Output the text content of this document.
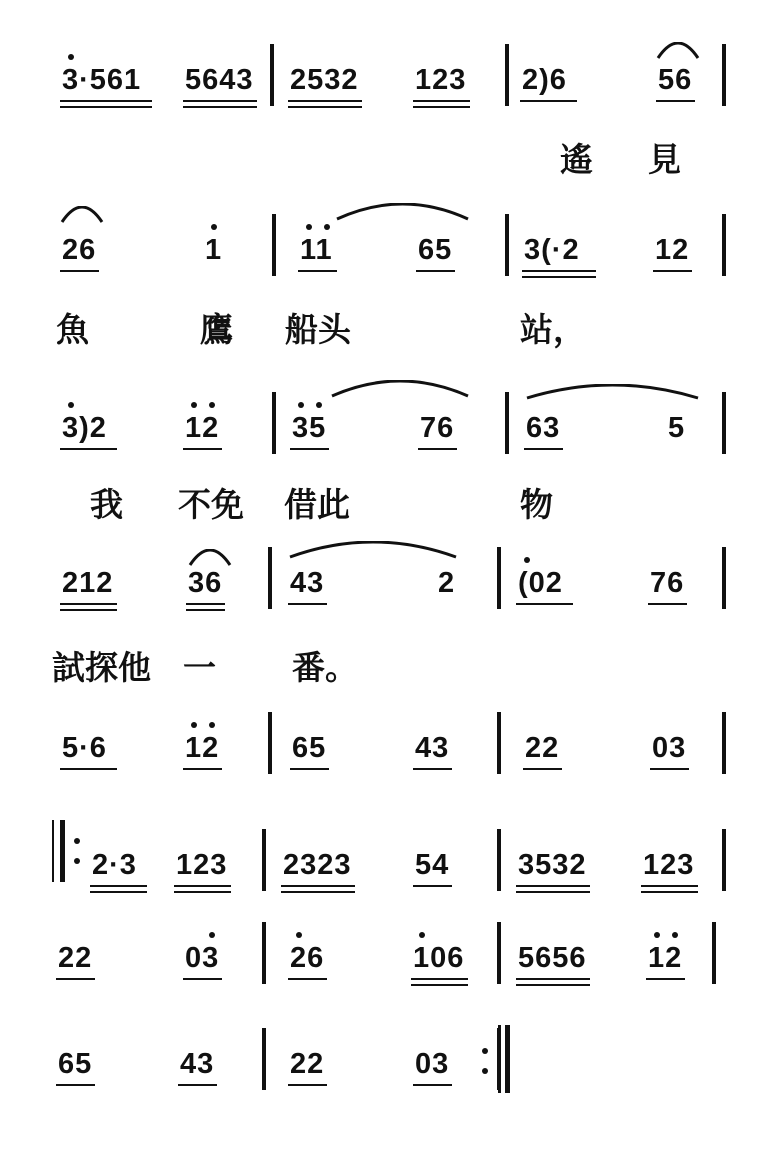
3·561 5643 2532 123 2)6	56
遙 見
26	1	11	65 3(·2	12
魚	鷹 船头	站，
3)2	12	35	76 63	5
我 不免 借此	物
212	36 43	2 (02	76
試探他 一 番。
5·6	12	65	43	22	03
2·3 123 2323 54 3532 123
22	03 26	106 5656 12
65	43	22	03
